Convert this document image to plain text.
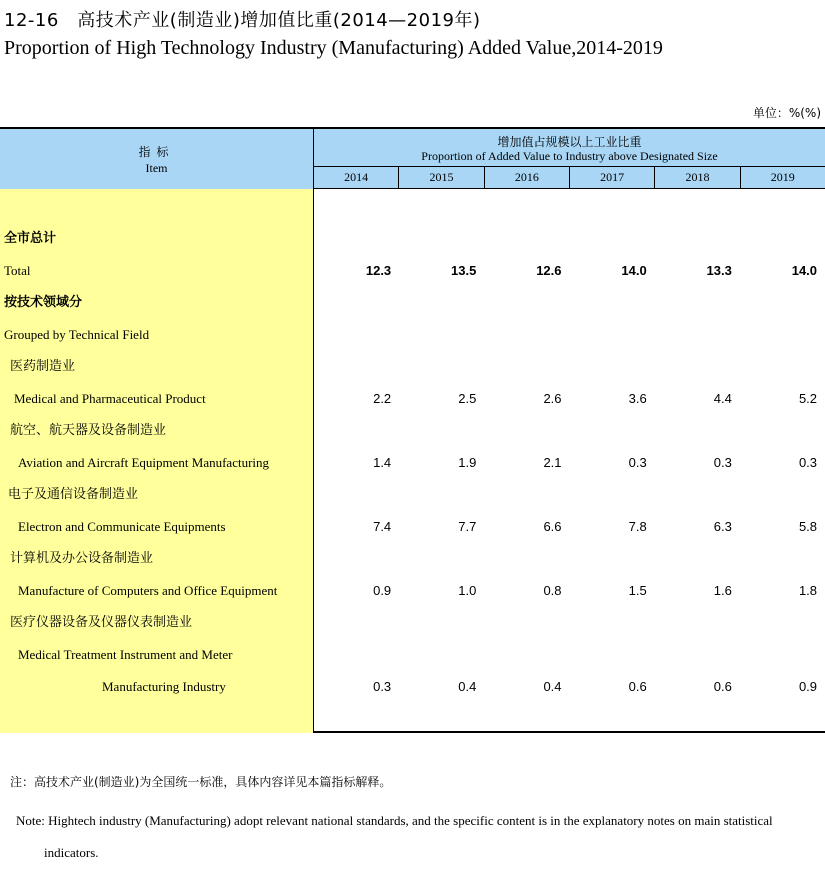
12-16　高技术产业(制造业)增加值比重(2014—2019年)
Proportion of High Technology Industry (Manufacturing) Added Value,2014-2019
单位：%(%)
指标
Item
增加值占规模以上工业比重
Proportion of Added Value to Industry above Designated Size
2014	2015	2016	2017	2018	2019
全市总计
Total	12.3	13.5	12.6	14.0	13.3	14.0
按技术领域分
Grouped by Technical Field
医药制造业
Medical and Pharmaceutical Product	2.2	2.5	2.6	3.6	4.4	5.2
航空、航天器及设备制造业
Aviation and Aircraft Equipment Manufacturing	1.4	1.9	2.1	0.3	0.3	0.3
电子及通信设备制造业
Electron and Communicate Equipments	7.4	7.7	6.6	7.8	6.3	5.8
计算机及办公设备制造业
Manufacture of Computers and Office Equipment	0.9	1.0	0.8	1.5	1.6	1.8
医疗仪器设备及仪器仪表制造业
Medical Treatment Instrument and Meter
Manufacturing Industry	0.3	0.4	0.4	0.6	0.6	0.9
注：高技术产业(制造业)为全国统一标准，具体内容详见本篇指标解释。
Note: Hightech industry (Manufacturing) adopt relevant national standards, and the specific content is in the explanatory notes on main statistical
indicators.
